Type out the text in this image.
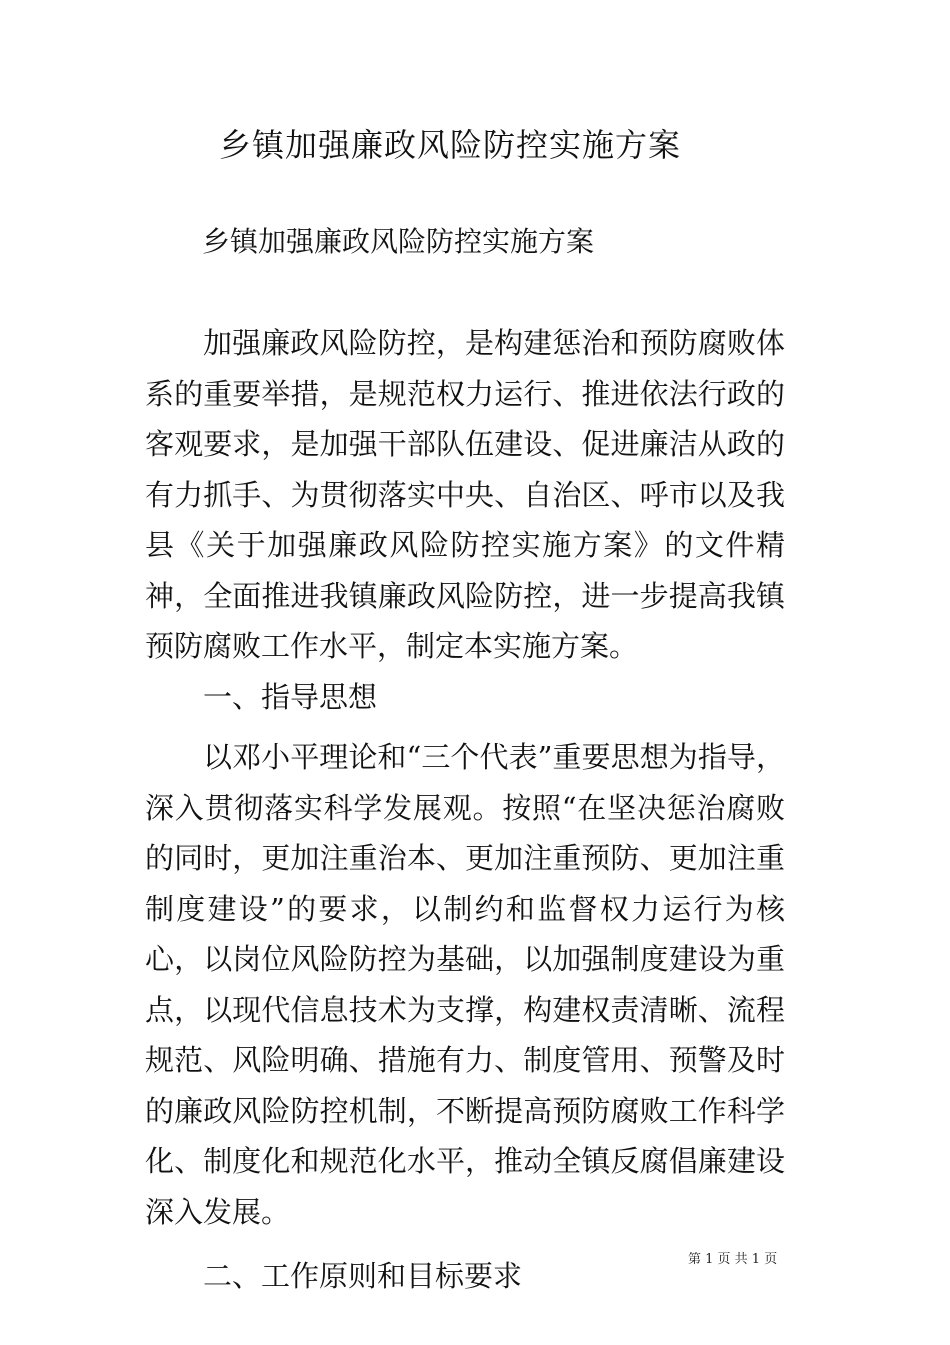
乡镇加强廉政风险防控实施方案
乡镇加强廉政风险防控实施方案

加强廉政风险防控，是构建惩治和预防腐败体系的重要举措，是规范权力运行、推进依法行政的客观要求，是加强干部队伍建设、促进廉洁从政的有力抓手、为贯彻落实中央、自治区、呼市以及我县《关于加强廉政风险防控实施方案》的文件精神，全面推进我镇廉政风险防控，进一步提高我镇预防腐败工作水平，制定本实施方案。

一、指导思想

以邓小平理论和“三个代表”重要思想为指导，深入贯彻落实科学发展观。按照“在坚决惩治腐败的同时，更加注重治本、更加注重预防、更加注重制度建设”的要求，以制约和监督权力运行为核心，以岗位风险防控为基础，以加强制度建设为重点，以现代信息技术为支撑，构建权责清晰、流程规范、风险明确、措施有力、制度管用、预警及时的廉政风险防控机制，不断提高预防腐败工作科学化、制度化和规范化水平，推动全镇反腐倡廉建设深入发展。

二、工作原则和目标要求	第 1 页 共 1 页
